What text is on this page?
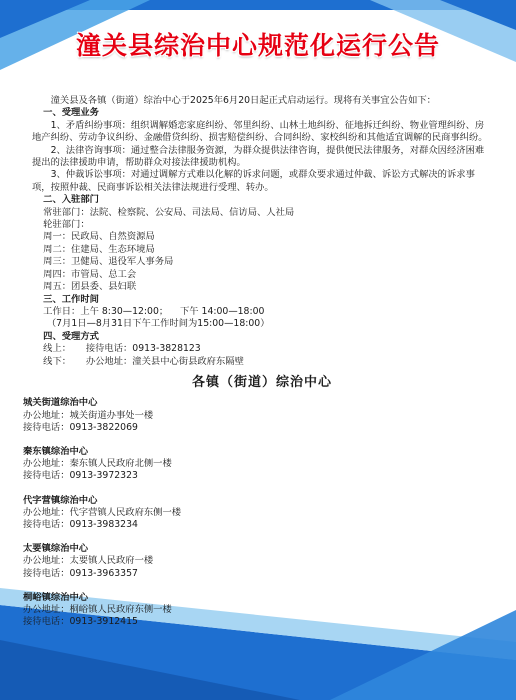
潼关县综治中心规范化运行公告

潼关县及各镇（街道）综治中心于2025年6月20日起正式启动运行。现将有关事宜公告如下：

一、受理业务

1、矛盾纠纷事项：组织调解婚恋家庭纠纷、邻里纠纷、山林土地纠纷、征地拆迁纠纷、物业管理纠纷、房地产纠纷、劳动争议纠纷、金融借贷纠纷、损害赔偿纠纷、合同纠纷、家校纠纷和其他适宜调解的民商事纠纷。

2、法律咨询事项：通过整合法律服务资源，为群众提供法律咨询，提供便民法律服务，对群众因经济困难提出的法律援助申请，帮助群众对接法律援助机构。

3、仲裁诉讼事项：对通过调解方式难以化解的诉求问题，或群众要求通过仲裁、诉讼方式解决的诉求事项，按照仲裁、民商事诉讼相关法律法规进行受理、转办。

二、入驻部门

常驻部门：法院、检察院、公安局、司法局、信访局、人社局

轮驻部门：

周一：民政局、自然资源局

周二：住建局、生态环境局

周三：卫健局、退役军人事务局

周四：市管局、总工会

周五：团县委、县妇联

三、工作时间

工作日：上午 8:30—12:00；    下午 14:00—18:00

（7月1日—8月31日下午工作时间为15:00—18:00）

四、受理方式

线上：     接待电话：0913-3828123

线下：     办公地址：潼关县中心街县政府东隔壁

各镇（街道）综治中心
城关街道综治中心
办公地址：城关街道办事处一楼
接待电话：0913-3822069
秦东镇综治中心
办公地址：秦东镇人民政府北侧一楼
接待电话：0913-3972323
代字营镇综治中心
办公地址：代字营镇人民政府东侧一楼
接待电话：0913-3983234
太要镇综治中心
办公地址：太要镇人民政府一楼
接待电话：0913-3963357
桐峪镇综治中心
办公地址：桐峪镇人民政府东侧一楼
接待电话：0913-3912415
